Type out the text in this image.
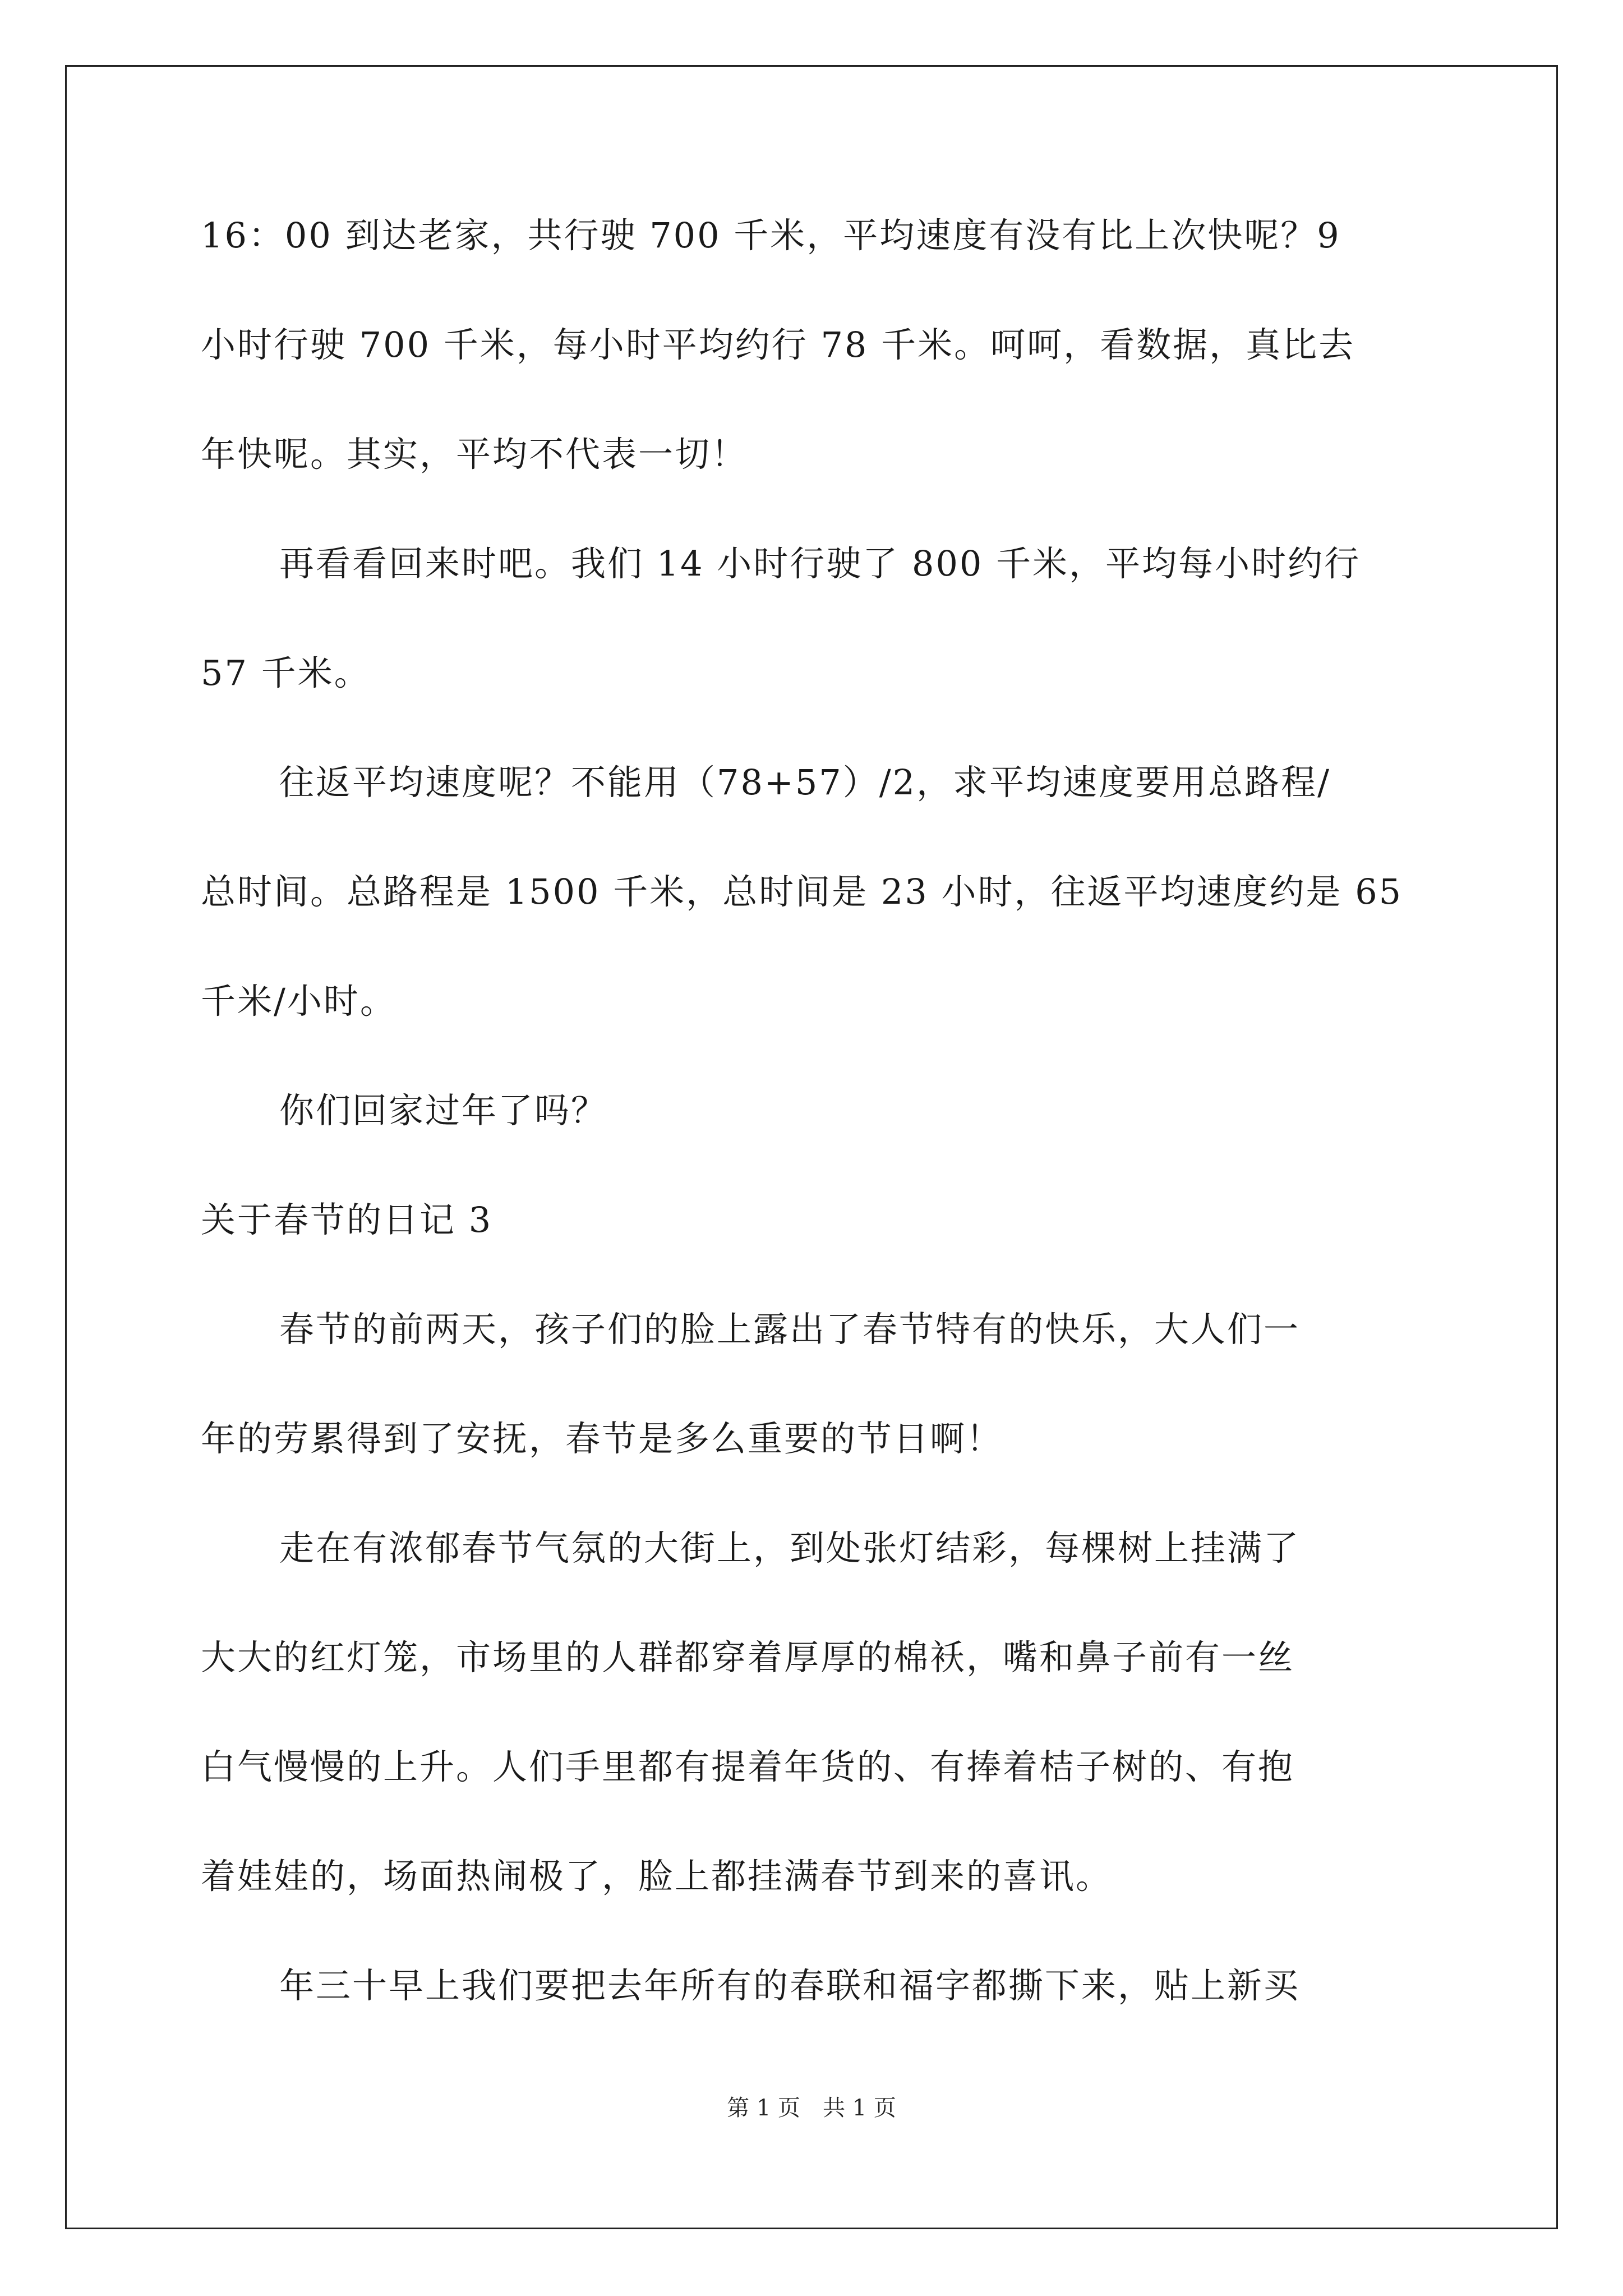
16：00 到达老家，共行驶 700 千米，平均速度有没有比上次快呢？9
小时行驶 700 千米，每小时平均约行 78 千米。呵呵，看数据，真比去
年快呢。其实，平均不代表一切！
再看看回来时吧。我们 14 小时行驶了 800 千米，平均每小时约行
57 千米。
往返平均速度呢？不能用（78+57）/2，求平均速度要用总路程/
总时间。总路程是 1500 千米，总时间是 23 小时，往返平均速度约是 65
千米/小时。
你们回家过年了吗？
关于春节的日记 3
春节的前两天，孩子们的脸上露出了春节特有的快乐，大人们一
年的劳累得到了安抚，春节是多么重要的节日啊！
走在有浓郁春节气氛的大街上，到处张灯结彩，每棵树上挂满了
大大的红灯笼，市场里的人群都穿着厚厚的棉袄，嘴和鼻子前有一丝
白气慢慢的上升。人们手里都有提着年货的、有捧着桔子树的、有抱
着娃娃的，场面热闹极了，脸上都挂满春节到来的喜讯。
年三十早上我们要把去年所有的春联和福字都撕下来，贴上新买
第 1 页　共 1 页
